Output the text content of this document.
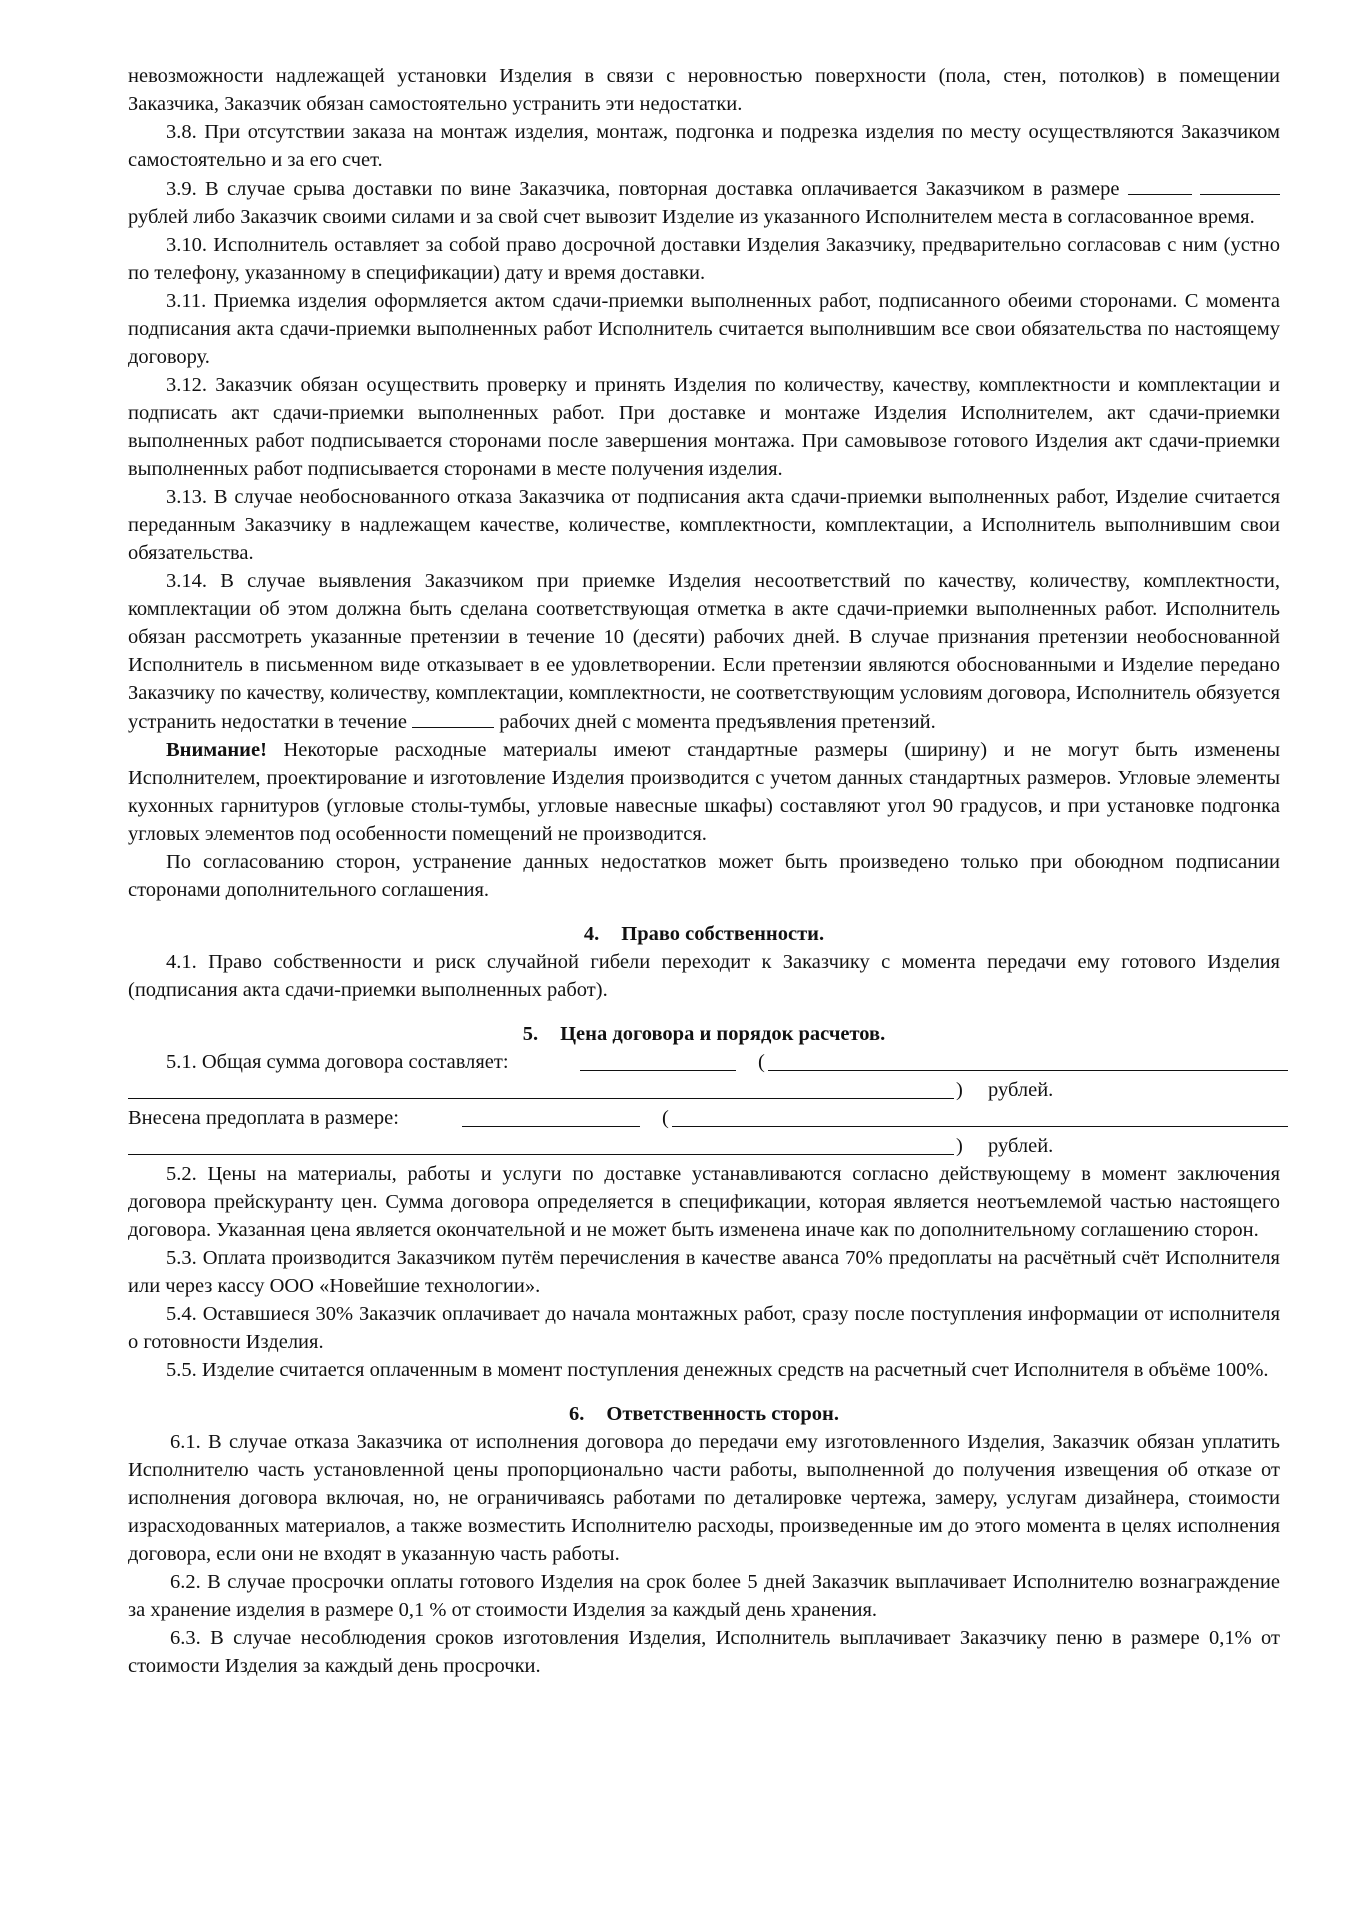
невозможности надлежащей установки Изделия в связи с неровностью поверхности (пола, стен, потолков) в помещении Заказчика, Заказчик обязан самостоятельно устранить эти недостатки.

3.8. При отсутствии заказа на монтаж изделия, монтаж, подгонка и подрезка изделия по месту осуществляются Заказчиком самостоятельно и за его счет.

3.9. В случае срыва доставки по вине Заказчика, повторная доставка оплачивается Заказчиком в размере   рублей либо Заказчик своими силами и за свой счет вывозит Изделие из указанного Исполнителем места в согласованное время.

3.10. Исполнитель оставляет за собой право досрочной доставки Изделия Заказчику, предварительно согласовав с ним (устно по телефону, указанному в спецификации) дату и время доставки.

3.11. Приемка изделия оформляется актом сдачи-приемки выполненных работ, подписанного обеими сторонами. С момента подписания акта сдачи-приемки выполненных работ Исполнитель считается выполнившим все свои обязательства по настоящему договору.

3.12. Заказчик обязан осуществить проверку и принять Изделия по количеству, качеству, комплектности и комплектации и подписать акт сдачи-приемки выполненных работ. При доставке и монтаже Изделия Исполнителем, акт сдачи-приемки выполненных работ подписывается сторонами после завершения монтажа. При самовывозе готового Изделия акт сдачи-приемки выполненных работ подписывается сторонами в месте получения изделия.

3.13. В случае необоснованного отказа Заказчика от подписания акта сдачи-приемки выполненных работ, Изделие считается переданным Заказчику в надлежащем качестве, количестве, комплектности, комплектации, а Исполнитель выполнившим свои обязательства.

3.14. В случае выявления Заказчиком при приемке Изделия несоответствий по качеству, количеству, комплектности, комплектации об этом должна быть сделана соответствующая отметка в акте сдачи-приемки выполненных работ. Исполнитель обязан рассмотреть указанные претензии в течение 10 (десяти) рабочих дней. В случае признания претензии необоснованной Исполнитель в письменном виде отказывает в ее удовлетворении. Если претензии являются обоснованными и Изделие передано Заказчику по качеству, количеству, комплектации, комплектности, не соответствующим условиям договора, Исполнитель обязуется устранить недостатки в течение	рабочих дней с момента предъявления претензий.

Внимание! Некоторые расходные материалы имеют стандартные размеры (ширину) и не могут быть изменены Исполнителем, проектирование и изготовление Изделия производится с учетом данных стандартных размеров. Угловые элементы кухонных гарнитуров (угловые столы-тумбы, угловые навесные шкафы) составляют угол 90 градусов, и при установке подгонка угловых элементов под особенности помещений не производится.

По согласованию сторон, устранение данных недостатков может быть произведено только при обоюдном подписании сторонами дополнительного соглашения.

4. Право собственности.

4.1. Право собственности и риск случайной гибели переходит к Заказчику с момента передачи ему готового Изделия (подписания акта сдачи-приемки выполненных работ).

5. Цена договора и порядок расчетов.
5.1. Общая сумма договора составляет:	(
) рублей.
Внесена предоплата в размере:	(
) рублей.

5.2. Цены на материалы, работы и услуги по доставке устанавливаются согласно действующему в момент заключения договора прейскуранту цен. Сумма договора определяется в спецификации, которая является неотъемлемой частью настоящего договора. Указанная цена является окончательной и не может быть изменена иначе как по дополнительному соглашению сторон.

5.3. Оплата производится Заказчиком путём перечисления в качестве аванса 70% предоплаты на расчётный счёт Исполнителя или через кассу ООО «Новейшие технологии».

5.4. Оставшиеся 30% Заказчик оплачивает до начала монтажных работ, сразу после поступления информации от исполнителя о готовности Изделия.

5.5. Изделие считается оплаченным в момент поступления денежных средств на расчетный счет Исполнителя в объёме 100%.

6. Ответственность сторон.

6.1. В случае отказа Заказчика от исполнения договора до передачи ему изготовленного Изделия, Заказчик обязан уплатить Исполнителю часть установленной цены пропорционально части работы, выполненной до получения извещения об отказе от исполнения договора включая, но, не ограничиваясь работами по деталировке чертежа, замеру, услугам дизайнера, стоимости израсходованных материалов, а также возместить Исполнителю расходы, произведенные им до этого момента в целях исполнения договора, если они не входят в указанную часть работы.

6.2. В случае просрочки оплаты готового Изделия на срок более 5 дней Заказчик выплачивает Исполнителю вознаграждение за хранение изделия в размере 0,1 % от стоимости Изделия за каждый день хранения.

6.3. В случае несоблюдения сроков изготовления Изделия, Исполнитель выплачивает Заказчику пеню в размере 0,1% от стоимости Изделия за каждый день просрочки.
